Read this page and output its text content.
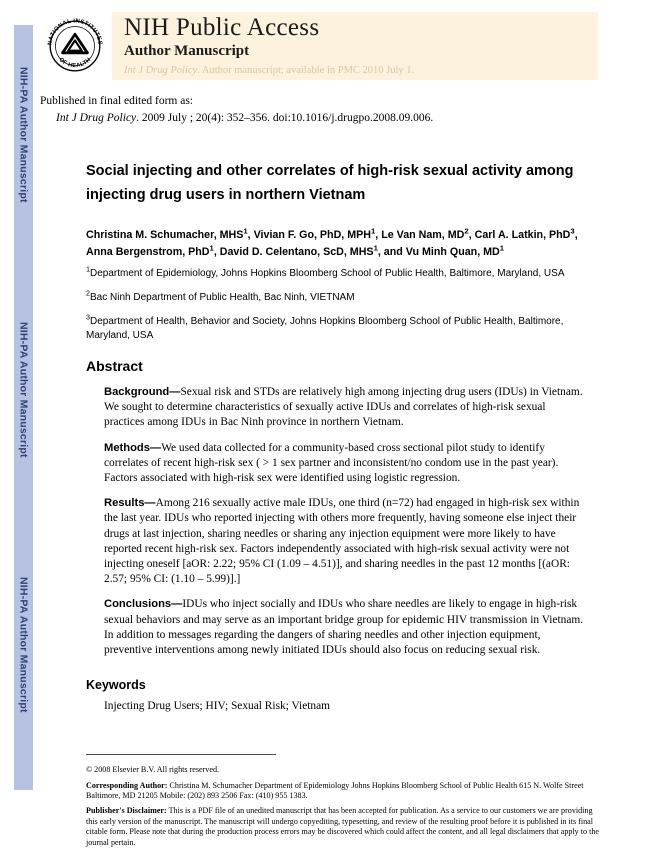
NIH-PA Author Manuscript
NIH-PA Author Manuscript
NIH-PA Author Manuscript
NATIONAL INSTITUTES
OF HEALTH
NIH Public Access
Author Manuscript
Int J Drug Policy. Author manuscript; available in PMC 2010 July 1.
Published in final edited form as:
Int J Drug Policy. 2009 July ; 20(4): 352–356. doi:10.1016/j.drugpo.2008.09.006.
Social injecting and other correlates of high-risk sexual activity among injecting drug users in northern Vietnam
Christina M. Schumacher, MHS$^1$, Vivian F. Go, PhD, MPH$^1$, Le Van Nam, $MD^2$, Carl A. Latkin, PhD$^3$, Anna Bergenstrom, PhD$^1$, David D. Celentano, ScD, MHS$^1$, and Vu Minh Quan, $MD^1$
$^1$Department of Epidemiology, Johns Hopkins Bloomberg School of Public Health, Baltimore, Maryland, USA
$^2$Bac Ninh Department of Public Health, Bac Ninh, VIETNAM
$^3$Department of Health, Behavior and Society, Johns Hopkins Bloomberg School of Public Health, Baltimore, Maryland, USA
Abstract
Background—Sexual risk and STDs are relatively high among injecting drug users (IDUs) in Vietnam. We sought to determine characteristics of sexually active IDUs and correlates of high-risk sexual practices among IDUs in Bac Ninh province in northern Vietnam.
Methods—We used data collected for a community-based cross sectional pilot study to identify correlates of recent high-risk sex ( > 1 sex partner and inconsistent/no condom use in the past year). Factors associated with high-risk sex were identified using logistic regression.
Results—Among 216 sexually active male IDUs, one third (n=72) had engaged in high-risk sex within the last year. IDUs who reported injecting with others more frequently, having someone else inject their drugs at last injection, sharing needles or sharing any injection equipment were more likely to have reported recent high-risk sex. Factors independently associated with high-risk sexual activity were not injecting oneself [aOR: 2.22; 95% CI (1.09 – 4.51)], and sharing needles in the past 12 months [(aOR: 2.57; 95% CI: (1.10 – 5.99)].]
Conclusions—IDUs who inject socially and IDUs who share needles are likely to engage in high-risk sexual behaviors and may serve as an important bridge group for epidemic HIV transmission in Vietnam. In addition to messages regarding the dangers of sharing needles and other injection equipment, preventive interventions among newly initiated IDUs should also focus on reducing sexual risk.
Keywords
Injecting Drug Users; HIV; Sexual Risk; Vietnam
© 2008 Elsevier B.V. All rights reserved.
Corresponding Author: Christina M. Schumacher Department of Epidemiology Johns Hopkins Bloomberg School of Public Health 615 N. Wolfe Street Baltimore, MD 21205 Mobile: (202) 893 2506 Fax: (410) 955 1383.
Publisher's Disclaimer: This is a PDF file of an unedited manuscript that has been accepted for publication. As a service to our customers we are providing this early version of the manuscript. The manuscript will undergo copyediting, typesetting, and review of the resulting proof before it is published in its final citable form. Please note that during the production process errors may be discovered which could affect the content, and all legal disclaimers that apply to the journal pertain.
